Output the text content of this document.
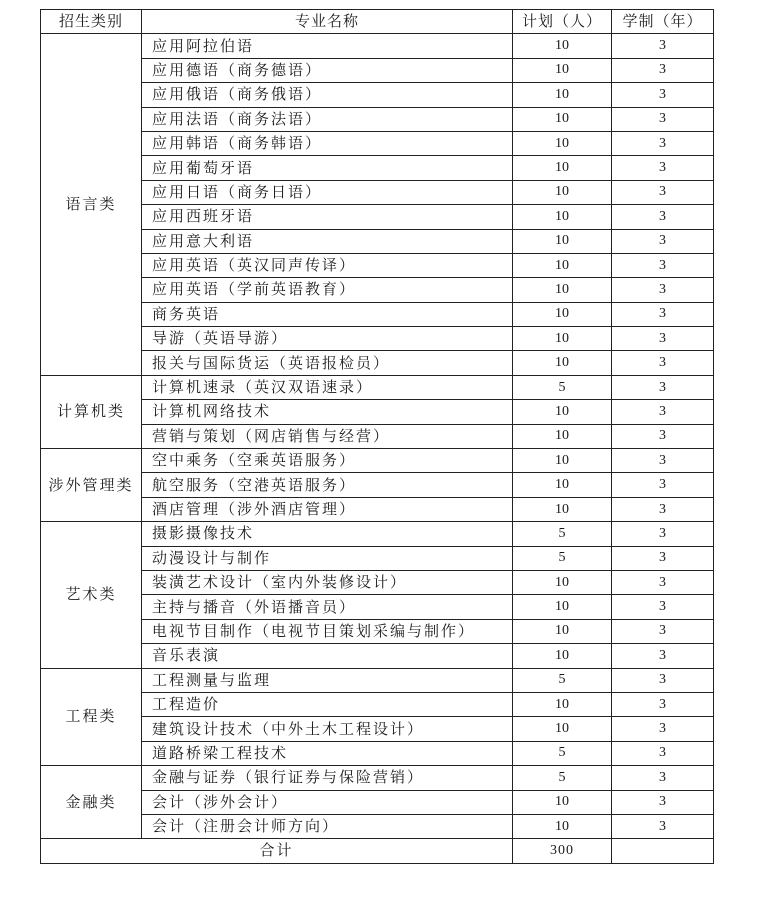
招生类别	专业名称	计划（人）	学制（年）
语言类	应用阿拉伯语	10	3
	应用德语（商务德语）	10	3
	应用俄语（商务俄语）	10	3
	应用法语（商务法语）	10	3
	应用韩语（商务韩语）	10	3
	应用葡萄牙语	10	3
	应用日语（商务日语）	10	3
	应用西班牙语	10	3
	应用意大利语	10	3
	应用英语（英汉同声传译）	10	3
	应用英语（学前英语教育）	10	3
	商务英语	10	3
	导游（英语导游）	10	3
	报关与国际货运（英语报检员）	10	3
计算机类	计算机速录（英汉双语速录）	5	3
	计算机网络技术	10	3
	营销与策划（网店销售与经营）	10	3
涉外管理类	空中乘务（空乘英语服务）	10	3
	航空服务（空港英语服务）	10	3
	酒店管理（涉外酒店管理）	10	3
艺术类	摄影摄像技术	5	3
	动漫设计与制作	5	3
	装潢艺术设计（室内外装修设计）	10	3
	主持与播音（外语播音员）	10	3
	电视节目制作（电视节目策划采编与制作）	10	3
	音乐表演	10	3
工程类	工程测量与监理	5	3
	工程造价	10	3
	建筑设计技术（中外土木工程设计）	10	3
	道路桥梁工程技术	5	3
金融类	金融与证券（银行证券与保险营销）	5	3
	会计（涉外会计）	10	3
	会计（注册会计师方向）	10	3
合计		300	
